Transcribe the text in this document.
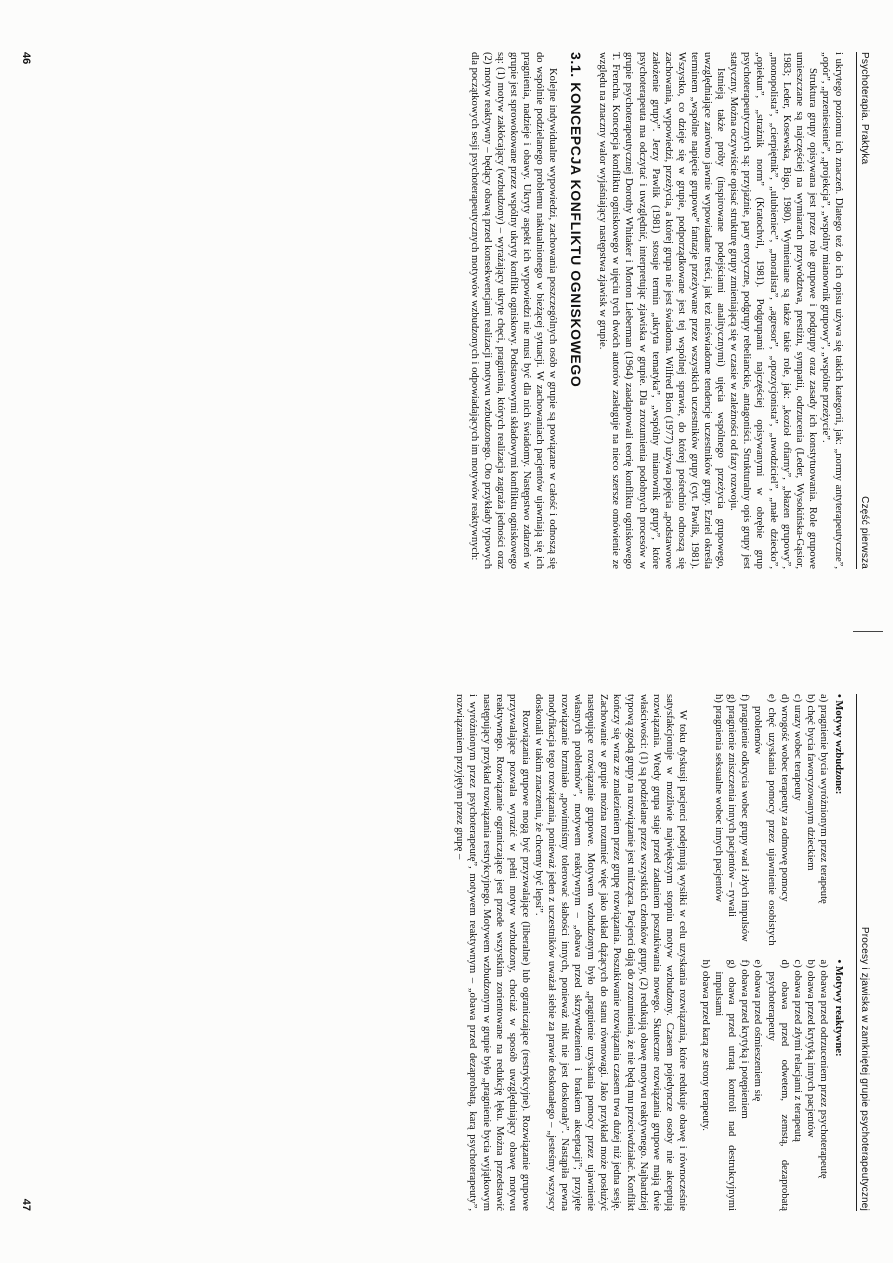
Psychoterapia. Praktyka
Część pierwsza

i ukrytego poziomu ich znaczeń. Dlatego też do ich opisu używa się takich kategorii, jak: „normy antyterapeutyczne”, „opór”, „przeniesienie”, „projekcja”, „wspólny mianownik grupowy”, „wspólne przeżycie”.

Struktura grupy opisywana jest przez role grupowe i podgrupy oraz zasady ich konstytuowania. Role grupowe umieszczane są najczęściej na wymiarach przywództwa, prestiżu, sympatii, odrzucenia (Leder, Wysokińska-Gąsior, 1983; Leder, Kosewska, Bigo, 1980). Wymieniane są także takie role, jak: „kozioł ofiarny”, „błazen grupowy”, „monopolista”, „cierpiętnik”, „ulubieniec”, „moralista”, „agresor”, „opozycjonista”, „uwodziciel”, „małe dziecko”, „opiekun”, „strażnik norm” (Kratochvil, 1981). Podgrupami najczęściej opisywanymi w obrębie grup psychoterapeutycznych są: przyjaźnie, pary erotyczne, podgrupy rebelianckie, antagoniści. Strukturalny opis grupy jest statyczny. Można oczywiście opisać strukturę grupy zmieniającą się w czasie w zależności od fazy rozwoju.

Istnieją także próby (inspirowane podejściami analitycznymi) ujęcia wspólnego przeżycia grupowego, uwzględniające zarówno jawnie wypowiadane treści, jak też nieświadome tendencje uczestników grupy. Ezriel określa terminem „wspólne napięcie grupowe” fantazje przeżywane przez wszystkich uczestników grupy (cyt. Pawlik, 1981). Wszystko, co dzieje się w grupie, podporządkowane jest tej wspólnej sprawie, do której pośrednio odnoszą się zachowania, wypowiedzi, przeżycia, a której grupa nie jest świadoma. Wilfred Bion (1977) używa pojęcia „podstawowe założenie grupy”. Jerzy Pawlik (1981) stosuje termin „ukryta tematyka”, „wspólny mianownik grupy”, które psychoterapeuta ma odczytać i uwzględnić, interpretując zjawiska w grupie. Dla zrozumienia podobnych procesów w grupie psychoterapeutycznej Dorothy Whitaker i Morton Lieberman (1964) zaadaptowali teorię konfliktu ogniskowego T. Frencha. Koncepcja konfliktu ogniskowego w ujęciu tych dwóch autorów zasługuje na nieco szersze omówienie ze względu na znaczny walor wyjaśniający następstwa zjawisk w grupie.

3.1. KONCEPCJA KONFLIKTU OGNISKOWEGO

Kolejne indywidualne wypowiedzi, zachowania poszczególnych osób w grupie są powiązane w całość i odnoszą się do wspólnie podzielanego problemu naktualnionego w bieżącej sytuacji. W zachowaniach pacjentów ujawniają się ich pragnienia, nadzieje i obawy. Ukryty aspekt ich wypowiedzi nie musi być dla nich świadomy. Następstwo zdarzeń w grupie jest sprowokowane przez wspólny ukryty konflikt ogniskowy. Podstawowymi składowymi konfliktu ogniskowego są: (1) motyw zakłócający (wzbudzony) – wyrażający ukryte chęci, pragnienia, których realizacja zagraża jedności oraz (2) motyw reaktywny – będący obawą przed konsekwencjami realizacji motywu wzbudzonego. Oto przykłady typowych dla początkowych sesji psychoterapeutycznych motywów wzbudzonych i odpowiadających im motywów reaktywnych:

46
Procesy i zjawiska w zamkniętej grupie psychoterapeutycznej
• Motywy wzbudzone:

a) pragnienie bycia wyróżnionym przez terapeutę

b) chęć bycia faworyzowanym dzieckiem

c) urazy wobec terapeuty

d) wrogość wobec terapeuty za odmowę pomocy

e) chęć uzyskania pomocy przez ujawnienie osobistych problemów

f) pragnienie odkrycia wobec grupy wad i złych impulsów

g) pragnienie zniszczenia innych pacjentów – rywali

h) pragnienia seksualne wobec innych pacjentów

• Motywy reaktywne:

a) obawa przed odrzuceniem przez psychoterapeutę

b) obawa przed krytyką innych pacjentów

c) obawa przed złymi relacjami z terapeutą

d) obawa przed odwetem, zemstą, dezaprobatą psychoterapeuty

e) obawa przed ośmieszeniem się

f) obawa przed krytyką i potępieniem

g) obawa przed utratą kontroli nad destrukcyjnymi impulsami

h) obawa przed karą ze strony terapeuty.

W toku dyskusji pacjenci podejmują wysiłki w celu uzyskania rozwiązania, które redukuje obawę i równocześnie satysfakcjonuje w możliwie największym stopniu motyw wzbudzony. Czasem pojedyncze osoby nie akceptują rozwiązania. Wtedy grupa staje przed zadaniem poszukiwania nowego. Skuteczne rozwiązania grupowe mają dwie właściwości: (1) są podzielane przez wszystkich członków grupy, (2) redukują obawę motywu reaktywnego. Najbardziej typową zgodą grupy na rozwiązanie jest milcząca. Pacjenci dają do zrozumienia, że nie będą mu przeciwdziałać. Konflikt kończy się wraz ze znalezieniem przez grupę rozwiązania. Poszukiwanie rozwiązania czasem trwa dużej niż jedna sesję. Zachowanie w grupie można rozumieć więc jako układ dążących do stanu równowagi. Jako przykład może posłużyć następujące rozwiązanie grupowe. Motywem wzbudzonym było „pragnienie uzyskania pomocy przez ujawnienie własnych problemów”, motywem reaktywnym – „obawa przed skrzywdzeniem i brakiem akceptacji”; przyjęte rozwiązanie brzmiało „powinniśmy tolerować słabości innych, ponieważ nikt nie jest doskonały”. Nastąpiła pewna modyfikacja tego rozwiązania, ponieważ jeden z uczestników uważał siebie za prawie doskonałego – „jesteśmy wszyscy doskonali w takim znaczeniu, że chcemy być lepsi”.

Rozwiązania grupowe mogą być przyzwalające (liberalne) lub ograniczające (restrykcyjne). Rozwiązanie grupowe przyzwalające pozwala wyrazić w pełni motyw wzbudzony, chociaż w sposób uwzględniający obawę motywu reaktywnego. Rozwiązanie ograniczające jest przede wszystkim zorientowane na redukcję lęku. Można przedstawić następujący przykład rozwiązania restrykcyjnego. Motywem wzbudzonym w grupie było „pragnienie bycia wyjątkowym i wyróżnionym przez psychoterapeutę”, motywem reaktywnym – „obawa przed dezaprobatą, karą psychoterapeuty”, rozwiązaniem przyjętym przez grupę –

47
